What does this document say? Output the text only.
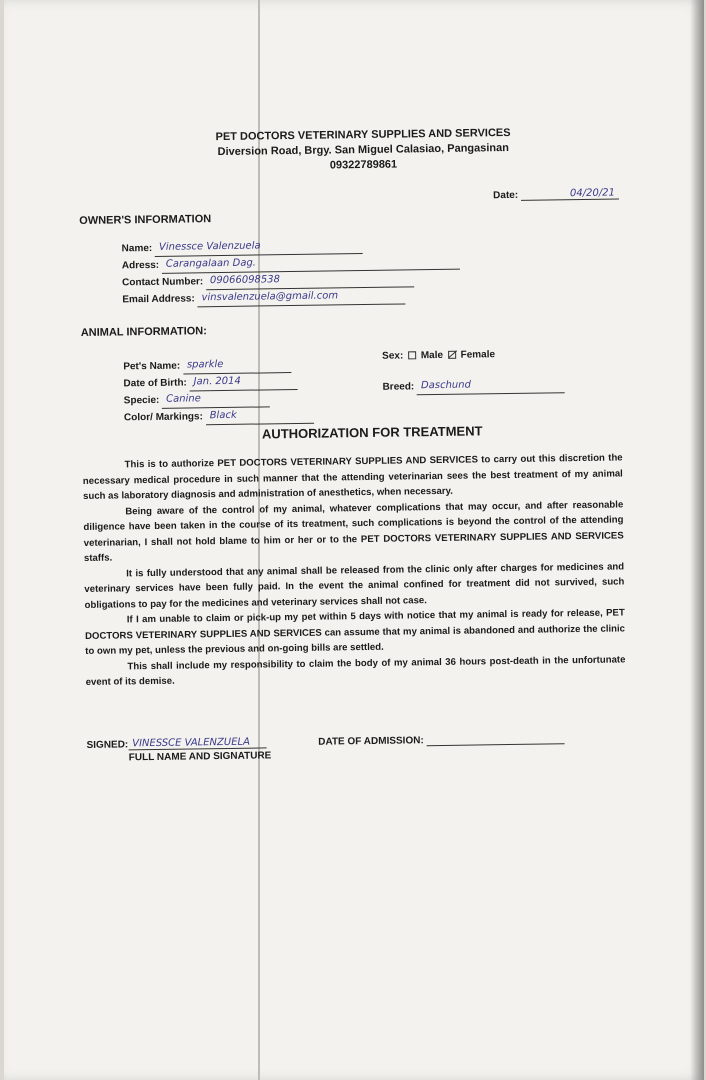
PET DOCTORS VETERINARY SUPPLIES AND SERVICES
Diversion Road, Brgy. San Miguel Calasiao, Pangasinan
09322789861
Date:	04/20/21
OWNER'S INFORMATION
Name: Vinessce Valenzuela
Adress: Carangalaan Dag.
Contact Number: 09066098538
Email Address: vinsvalenzuela@gmail.com
ANIMAL INFORMATION:
Pet's Name: sparkle
Date of Birth: Jan. 2014
Specie: Canine
Color/ Markings: Black
Sex: Male Female
Breed: Daschund
AUTHORIZATION FOR TREATMENT

This is to authorize PET DOCTORS VETERINARY SUPPLIES AND SERVICES to carry out this discretion the necessary medical procedure in such manner that the attending veterinarian sees the best treatment of my animal such as laboratory diagnosis and administration of anesthetics, when necessary.

Being aware of the control of my animal, whatever complications that may occur, and after reasonable diligence have been taken in the course of its treatment, such complications is beyond the control of the attending veterinarian, I shall not hold blame to him or her or to the PET DOCTORS VETERINARY SUPPLIES AND SERVICES staffs.

It is fully understood that any animal shall be released from the clinic only after charges for medicines and veterinary services have been fully paid. In the event the animal confined for treatment did not survived, such obligations to pay for the medicines and veterinary services shall not case.

If I am unable to claim or pick-up my pet within 5 days with notice that my animal is ready for release, PET DOCTORS VETERINARY SUPPLIES AND SERVICES can assume that my animal is abandoned and authorize the clinic to own my pet, unless the previous and on-going bills are settled.

This shall include my responsibility to claim the body of my animal 36 hours post-death in the unfortunate event of its demise.

SIGNED: VINESSCE VALENZUELA	DATE OF ADMISSION:
FULL NAME AND SIGNATURE
